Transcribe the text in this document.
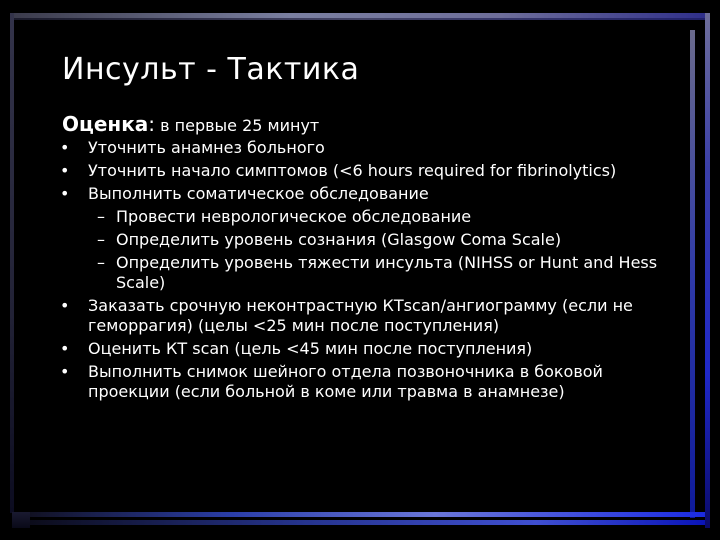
Инсульт - Тактика
Оценка: в первые 25 минут
•	Уточнить анамнез больного
•	Уточнить начало симптомов (<6 hours required for fibrinolytics)
•	Выполнить соматическое обследование
– Провести неврологическое обследование
– Определить уровень сознания (Glasgow Coma Scale)
– Определить уровень тяжести инсульта (NIHSS or Hunt and Hess Scale)
•	Заказать срочную неконтрастную КТscan/ангиограмму (если не геморрагия) (целы <25 мин после поступления)
•	Оценить КТ scan (цель <45 мин после поступления)
•	Выполнить снимок шейного отдела позвоночника в боковой проекции (если больной в коме или травма в анамнезе)
